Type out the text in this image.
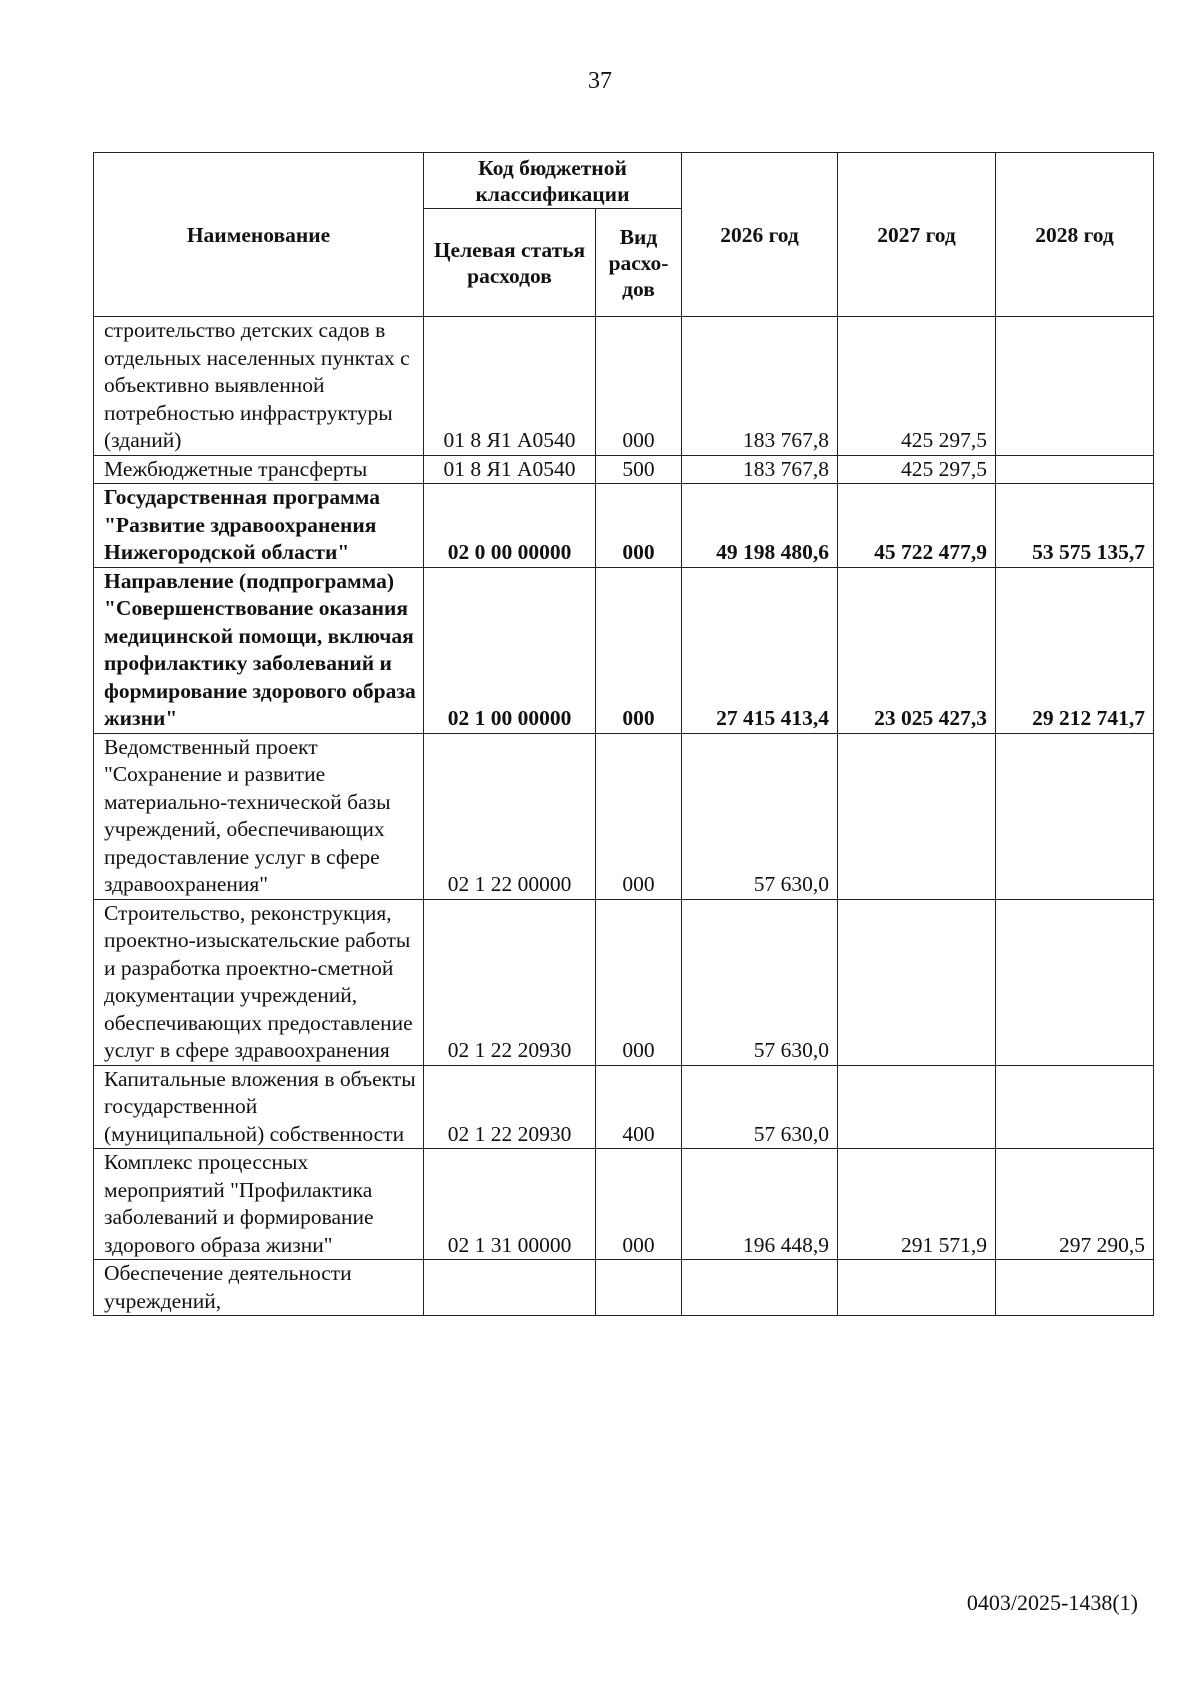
37
Наименование	Код бюджетной классификации		2026 год	2027 год	2028 год
	Целевая статья расходов	Вид расхо-дов			
строительство детских садов в отдельных населенных пунктах с объективно выявленной потребностью инфраструктуры (зданий)	01 8 Я1 А0540	000	183 767,8	425 297,5	
Межбюджетные трансферты	01 8 Я1 А0540	500	183 767,8	425 297,5	
Государственная программа "Развитие здравоохранения Нижегородской области"	02 0 00 00000	000	49 198 480,6	45 722 477,9	53 575 135,7
Направление (подпрограмма) "Совершенствование оказания медицинской помощи, включая профилактику заболеваний и формирование здорового образа жизни"	02 1 00 00000	000	27 415 413,4	23 025 427,3	29 212 741,7
Ведомственный проект "Сохранение и развитие материально-технической базы учреждений, обеспечивающих предоставление услуг в сфере здравоохранения"	02 1 22 00000	000	57 630,0		
Строительство, реконструкция, проектно-изыскательские работы и разработка проектно-сметной документации учреждений, обеспечивающих предоставление услуг в сфере здравоохранения	02 1 22 20930	000	57 630,0		
Капитальные вложения в объекты государственной (муниципальной) собственности	02 1 22 20930	400	57 630,0		
Комплекс процессных мероприятий "Профилактика заболеваний и формирование здорового образа жизни"	02 1 31 00000	000	196 448,9	291 571,9	297 290,5
Обеспечение деятельности учреждений,					
0403/2025-1438(1)
